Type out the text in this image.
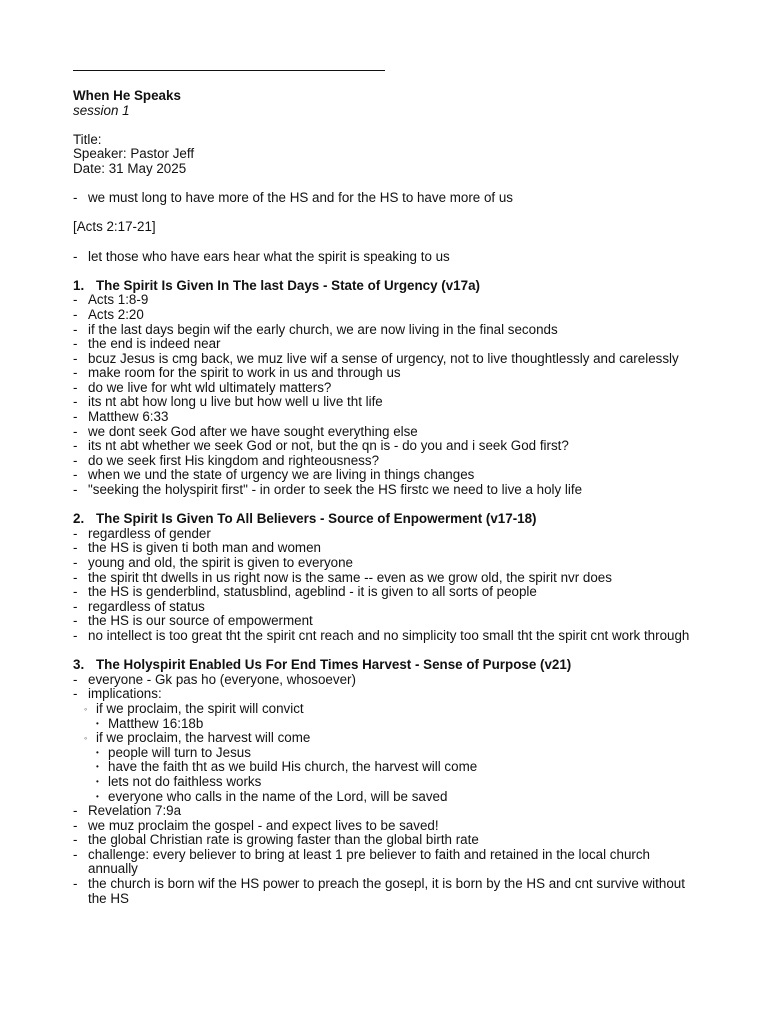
When He Speaks
session 1
Title:
Speaker: Pastor Jeff
Date: 31 May 2025
- we must long to have more of the HS and for the HS to have more of us
[Acts 2:17-21]
- let those who have ears hear what the spirit is speaking to us
1. The Spirit Is Given In The last Days - State of Urgency (v17a)
- Acts 1:8-9
- Acts 2:20
- if the last days begin wif the early church, we are now living in the final seconds
- the end is indeed near
- bcuz Jesus is cmg back, we muz live wif a sense of urgency, not to live thoughtlessly and carelessly
- make room for the spirit to work in us and through us
- do we live for wht wld ultimately matters?
- its nt abt how long u live but how well u live tht life
- Matthew 6:33
- we dont seek God after we have sought everything else
- its nt abt whether we seek God or not, but the qn is - do you and i seek God first?
- do we seek first His kingdom and righteousness?
- when we und the state of urgency we are living in things changes
- "seeking the holyspirit first" - in order to seek the HS firstc we need to live a holy life
2. The Spirit Is Given To All Believers - Source of Enpowerment (v17-18)
- regardless of gender
- the HS is given ti both man and women
- young and old, the spirit is given to everyone
- the spirit tht dwells in us right now is the same -- even as we grow old, the spirit nvr does
- the HS is genderblind, statusblind, ageblind - it is given to all sorts of people
- regardless of status
- the HS is our source of empowerment
- no intellect is too great tht the spirit cnt reach and no simplicity too small tht the spirit cnt work through
3. The Holyspirit Enabled Us For End Times Harvest - Sense of Purpose (v21)
- everyone - Gk pas ho (everyone, whosoever)
- implications:
◦ if we proclaim, the spirit will convict
• Matthew 16:18b
◦ if we proclaim, the harvest will come
• people will turn to Jesus
• have the faith tht as we build His church, the harvest will come
• lets not do faithless works
• everyone who calls in the name of the Lord, will be saved
- Revelation 7:9a
- we muz proclaim the gospel - and expect lives to be saved!
- the global Christian rate is growing faster than the global birth rate
- challenge: every believer to bring at least 1 pre believer to faith and retained in the local church annually
- the church is born wif the HS power to preach the gosepl, it is born by the HS and cnt survive without the HS
